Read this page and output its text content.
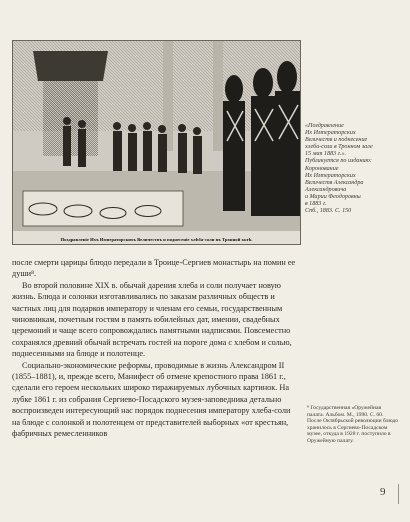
Поздравленіе Ихъ Императорскихъ Величествъ и поднесеніе хлѣба-соли въ Тронной залѣ.

«Поздравление

Их Императорских

Величеств и поднесение

хлеба-соли в Тронном зале

15 мая 1883 г.».

Публикуется по изданию:

Коронование

Их Императорских

Величеств Александра

Александровича

и Марии Феодоровны

в 1883 г.

Спб., 1883. С. 150

после смерти царицы блюдо передали в Троице-Сергиев монастырь на помин ее души⁸.

Во второй половине XIX в. обычай дарения хлеба и соли получает новую жизнь. Блюда и солонки изготавливались по заказам различных обществ и частных лиц для подарков императору и членам его семьи, государственным чиновникам, почетным гостям в память юбилейных дат, имении, свадебных церемоний и чаще всего сопровождались памятными надписями. Повсеместно сохранялся древний обычай встречать гостей на пороге дома с хлебом и солью, поднесенными на блюде и полотенце.

Социально-экономические реформы, проводимые в жизнь Александром II (1855–1881), и, прежде всего, Манифест об отмене крепостного права 1861 г., сделали его героем нескольких широко тиражируемых лубочных картинок. На лубке 1861 г. из собрания Сергиево-Посадского музея-заповедника детально воспроизведен интересующий нас порядок поднесения императору хлеба-соли на блюде с солонкой и полотенцем от представителей выборных «от крестьян, фабричных ремесленников

⁸ Государственная «Оружейная палата. Альбом. М., 1990. С. 60. После Октябрьской революции блюдо хранилось в Сергиево-Посадском музее, откуда в 1928 г. поступило в Оружейную палату.
9
